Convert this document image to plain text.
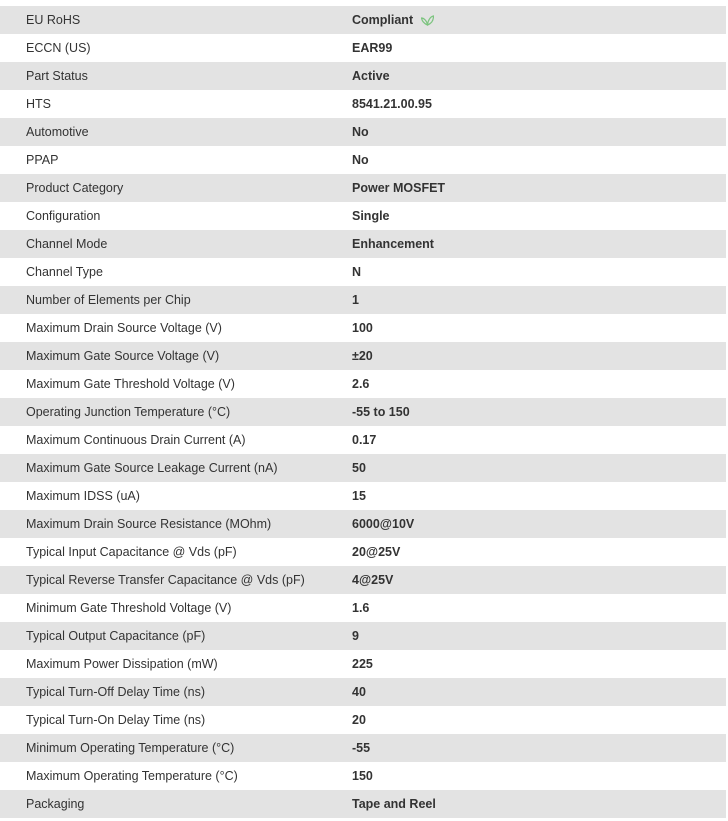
EU RoHS	Compliant
ECCN (US)	EAR99
Part Status	Active
HTS	8541.21.00.95
Automotive	No
PPAP	No
Product Category	Power MOSFET
Configuration	Single
Channel Mode	Enhancement
Channel Type	N
Number of Elements per Chip	1
Maximum Drain Source Voltage (V)	100
Maximum Gate Source Voltage (V)	±20
Maximum Gate Threshold Voltage (V)	2.6
Operating Junction Temperature (°C)	-55 to 150
Maximum Continuous Drain Current (A)	0.17
Maximum Gate Source Leakage Current (nA)	50
Maximum IDSS (uA)	15
Maximum Drain Source Resistance (MOhm)	6000@10V
Typical Input Capacitance @ Vds (pF)	20@25V
Typical Reverse Transfer Capacitance @ Vds (pF)	4@25V
Minimum Gate Threshold Voltage (V)	1.6
Typical Output Capacitance (pF)	9
Maximum Power Dissipation (mW)	225
Typical Turn-Off Delay Time (ns)	40
Typical Turn-On Delay Time (ns)	20
Minimum Operating Temperature (°C)	-55
Maximum Operating Temperature (°C)	150
Packaging	Tape and Reel
